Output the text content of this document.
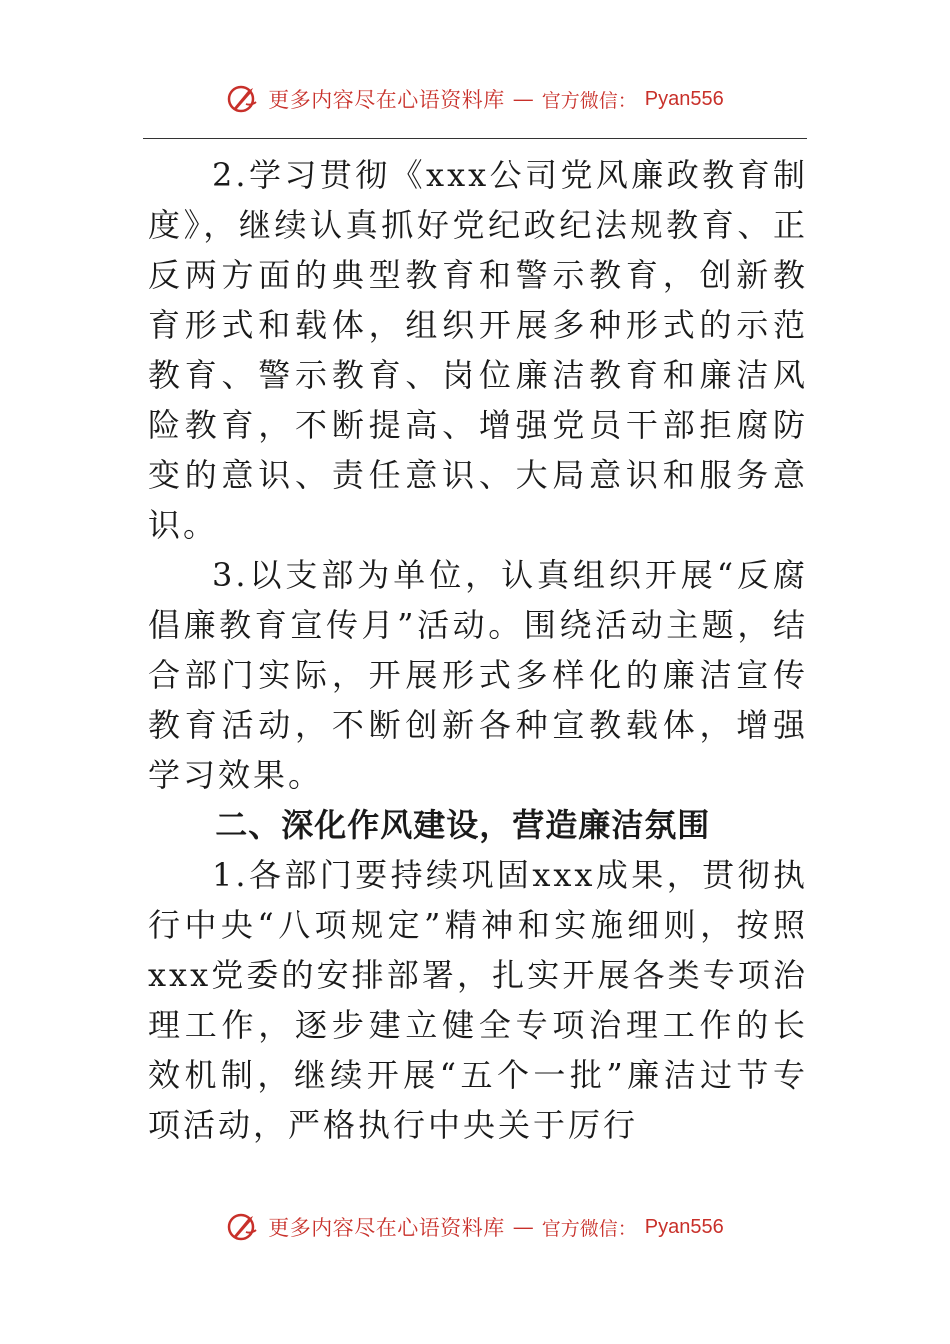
更多内容尽在心语资料库 — 官方微信： Pyan556

2.学习贯彻《xxx公司党风廉政教育制度》，继续认真抓好党纪政纪法规教育、正反两方面的典型教育和警示教育，创新教育形式和载体，组织开展多种形式的示范教育、警示教育、岗位廉洁教育和廉洁风险教育，不断提高、增强党员干部拒腐防变的意识、责任意识、大局意识和服务意识。

3.以支部为单位，认真组织开展“反腐倡廉教育宣传月”活动。围绕活动主题，结合部门实际，开展形式多样化的廉洁宣传教育活动，不断创新各种宣教载体，增强学习效果。

二、深化作风建设，营造廉洁氛围

1.各部门要持续巩固xxx成果，贯彻执行中央“八项规定”精神和实施细则，按照xxx党委的安排部署，扎实开展各类专项治理工作，逐步建立健全专项治理工作的长效机制，继续开展“五个一批”廉洁过节专项活动，严格执行中央关于厉行

更多内容尽在心语资料库 — 官方微信： Pyan556
